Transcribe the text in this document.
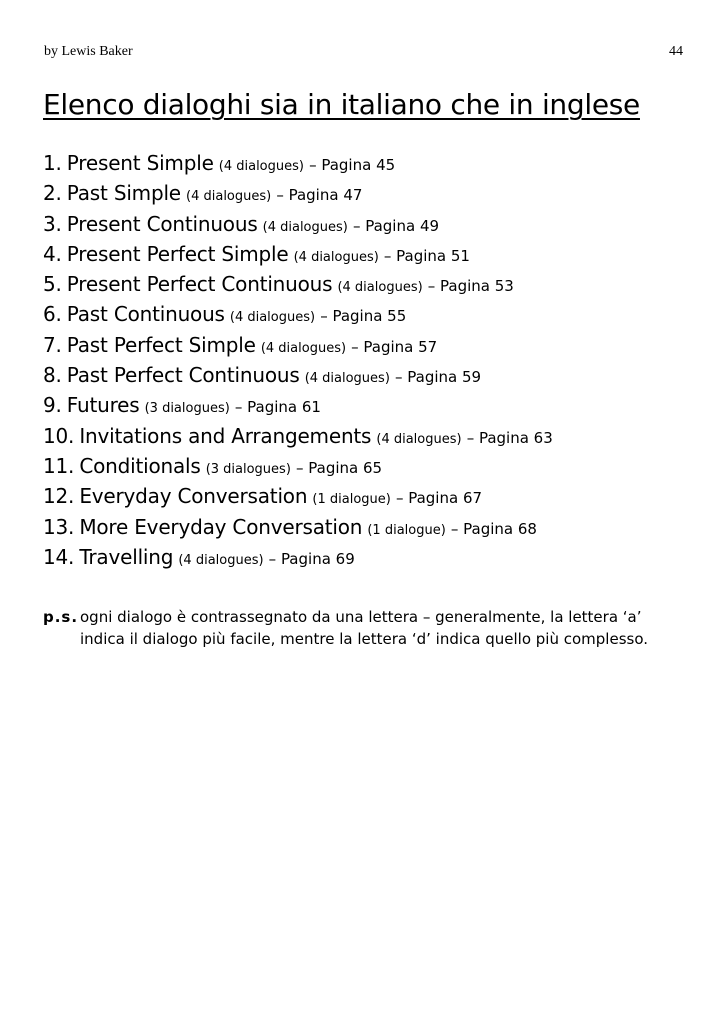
by Lewis Baker	44
Elenco dialoghi sia in italiano che in inglese
1. Present Simple (4 dialogues) – Pagina 45
2. Past Simple (4 dialogues) – Pagina 47
3. Present Continuous (4 dialogues) – Pagina 49
4. Present Perfect Simple (4 dialogues) – Pagina 51
5. Present Perfect Continuous (4 dialogues) – Pagina 53
6. Past Continuous (4 dialogues) – Pagina 55
7. Past Perfect Simple (4 dialogues) – Pagina 57
8. Past Perfect Continuous (4 dialogues) – Pagina 59
9. Futures (3 dialogues) – Pagina 61
10. Invitations and Arrangements (4 dialogues) – Pagina 63
11. Conditionals (3 dialogues) – Pagina 65
12. Everyday Conversation (1 dialogue) – Pagina 67
13. More Everyday Conversation (1 dialogue) – Pagina 68
14. Travelling (4 dialogues) – Pagina 69
p.s. ogni dialogo è contrassegnato da una lettera – generalmente, la lettera ‘a’
indica il dialogo più facile, mentre la lettera ‘d’ indica quello più complesso.
